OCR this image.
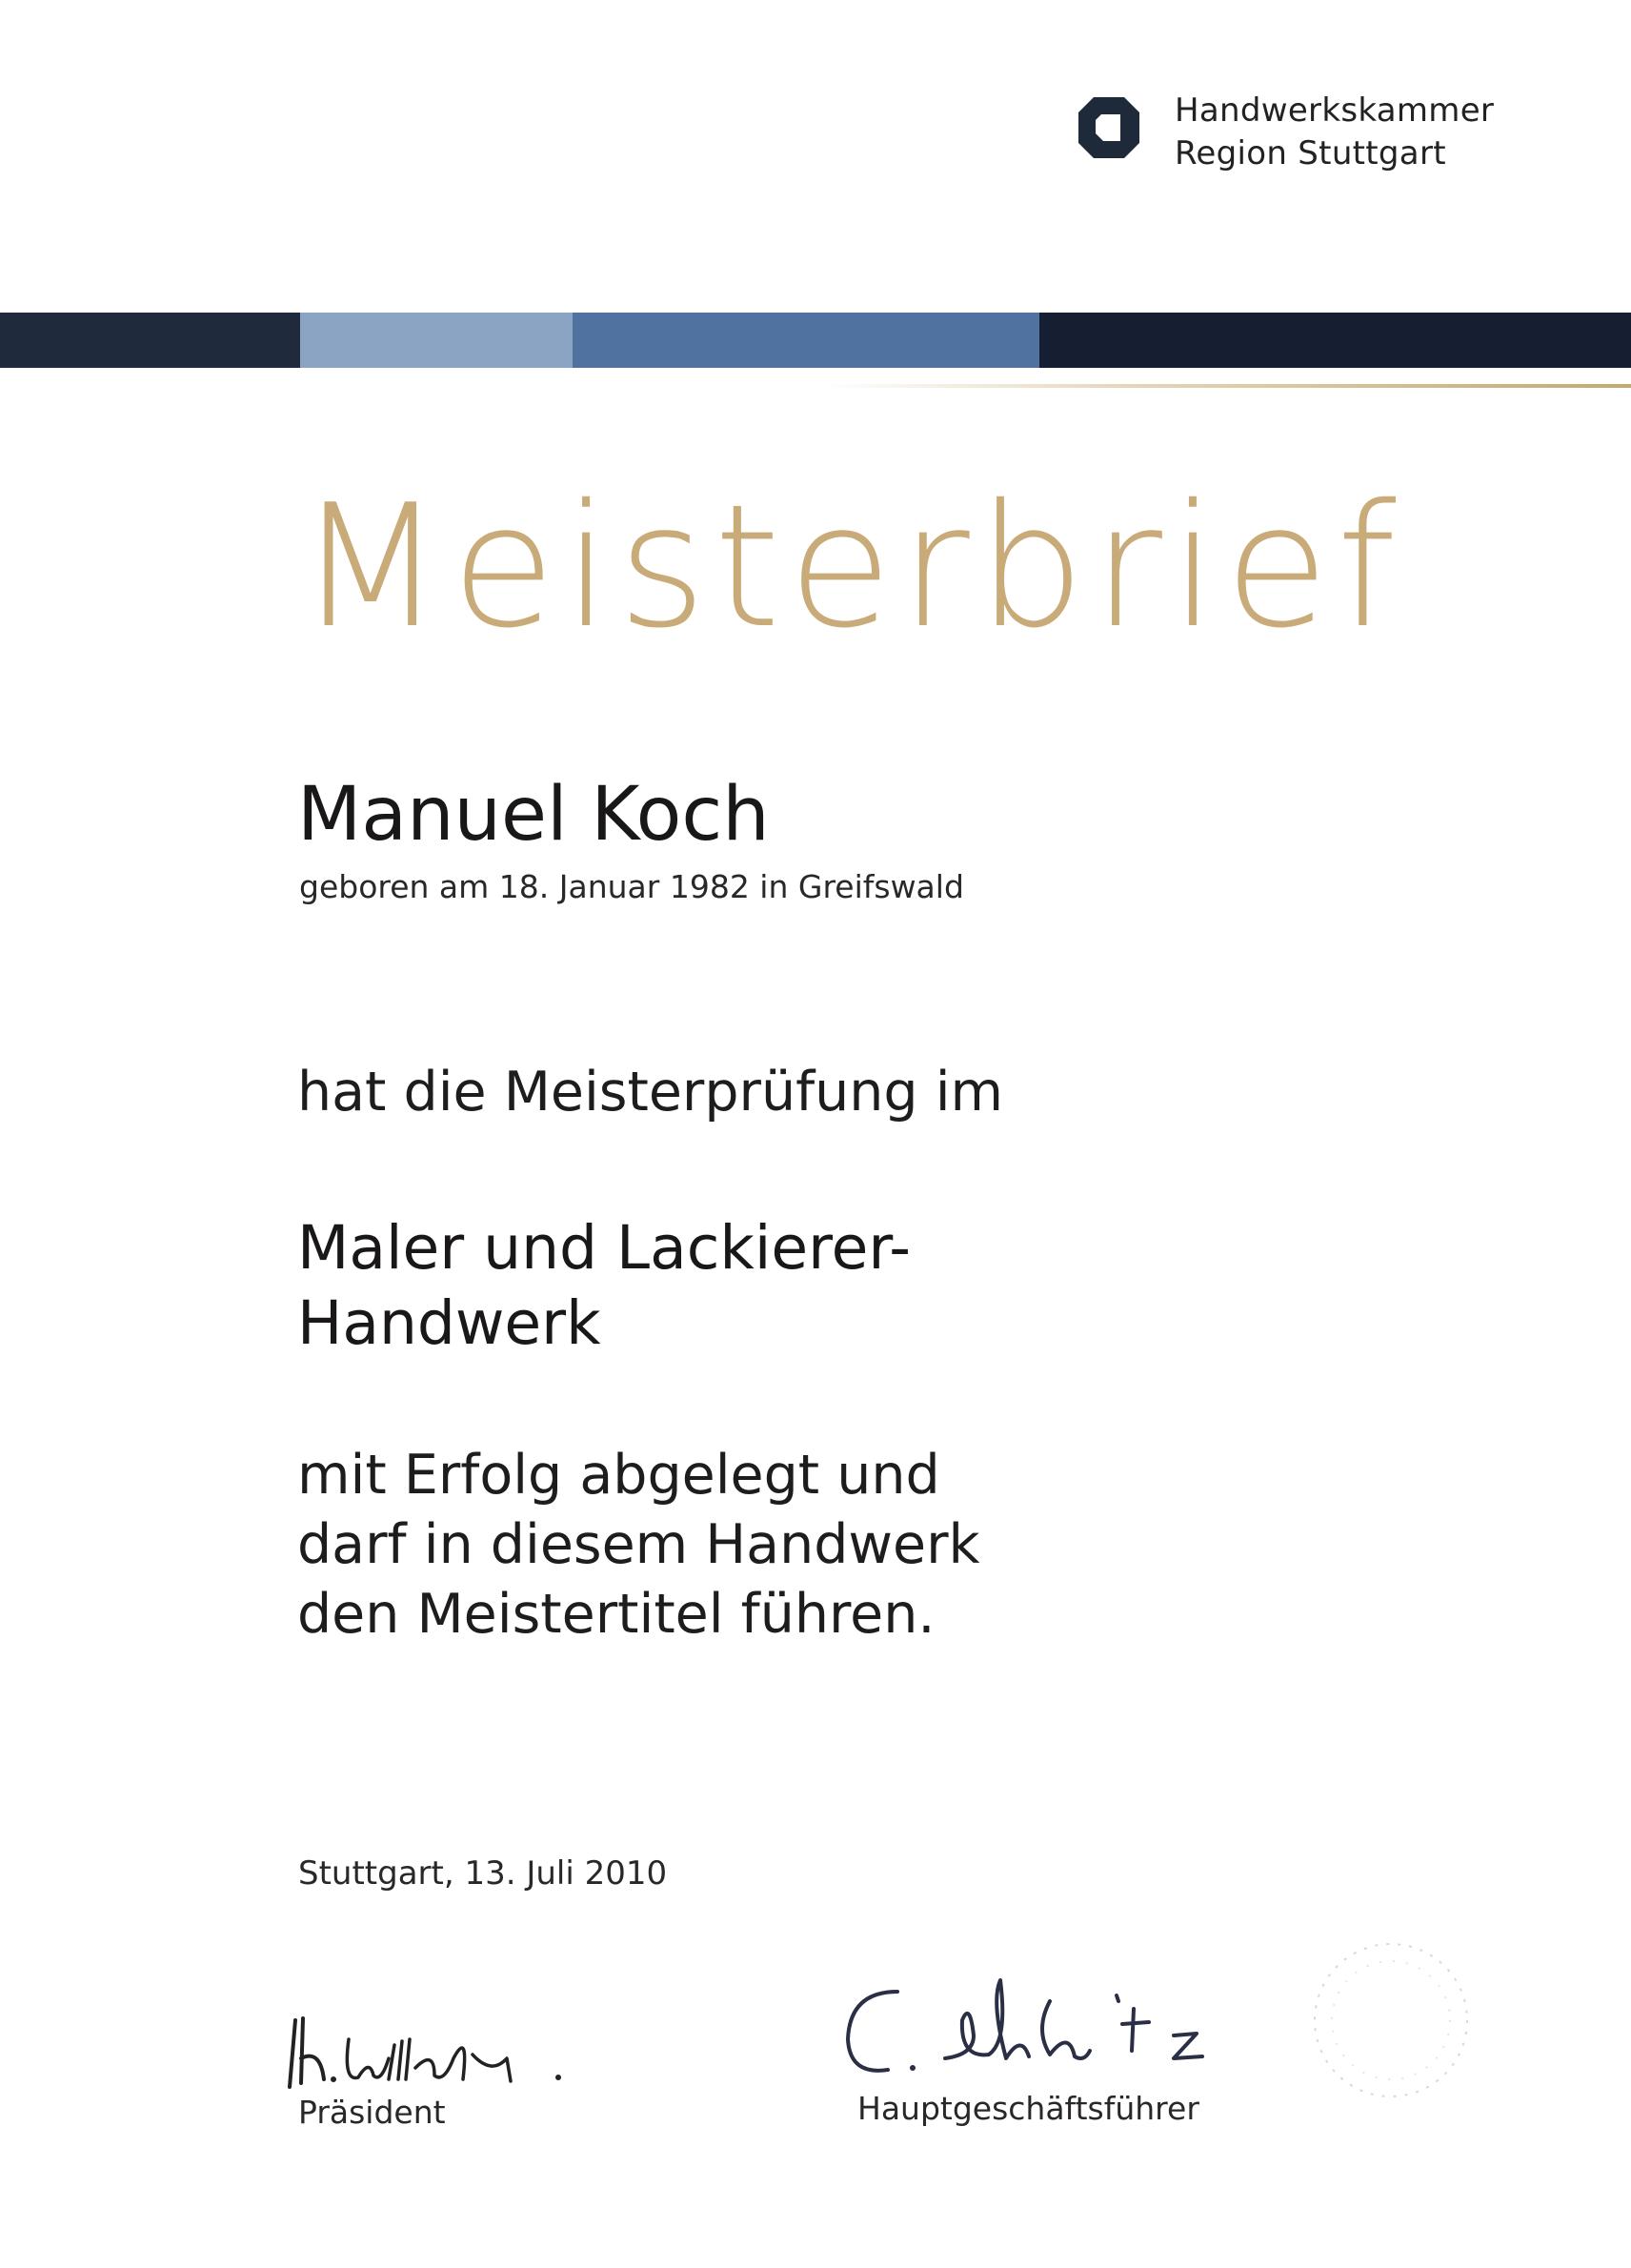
Handwerkskammer
Region Stuttgart
Meisterbrief
Manuel Koch
geboren am 18. Januar 1982 in Greifswald
hat die Meisterprüfung im
Maler und Lackierer-
Handwerk
mit Erfolg abgelegt und
darf in diesem Handwerk
den Meistertitel führen.
Stuttgart, 13. Juli 2010
Präsident	Hauptgeschäftsführer
